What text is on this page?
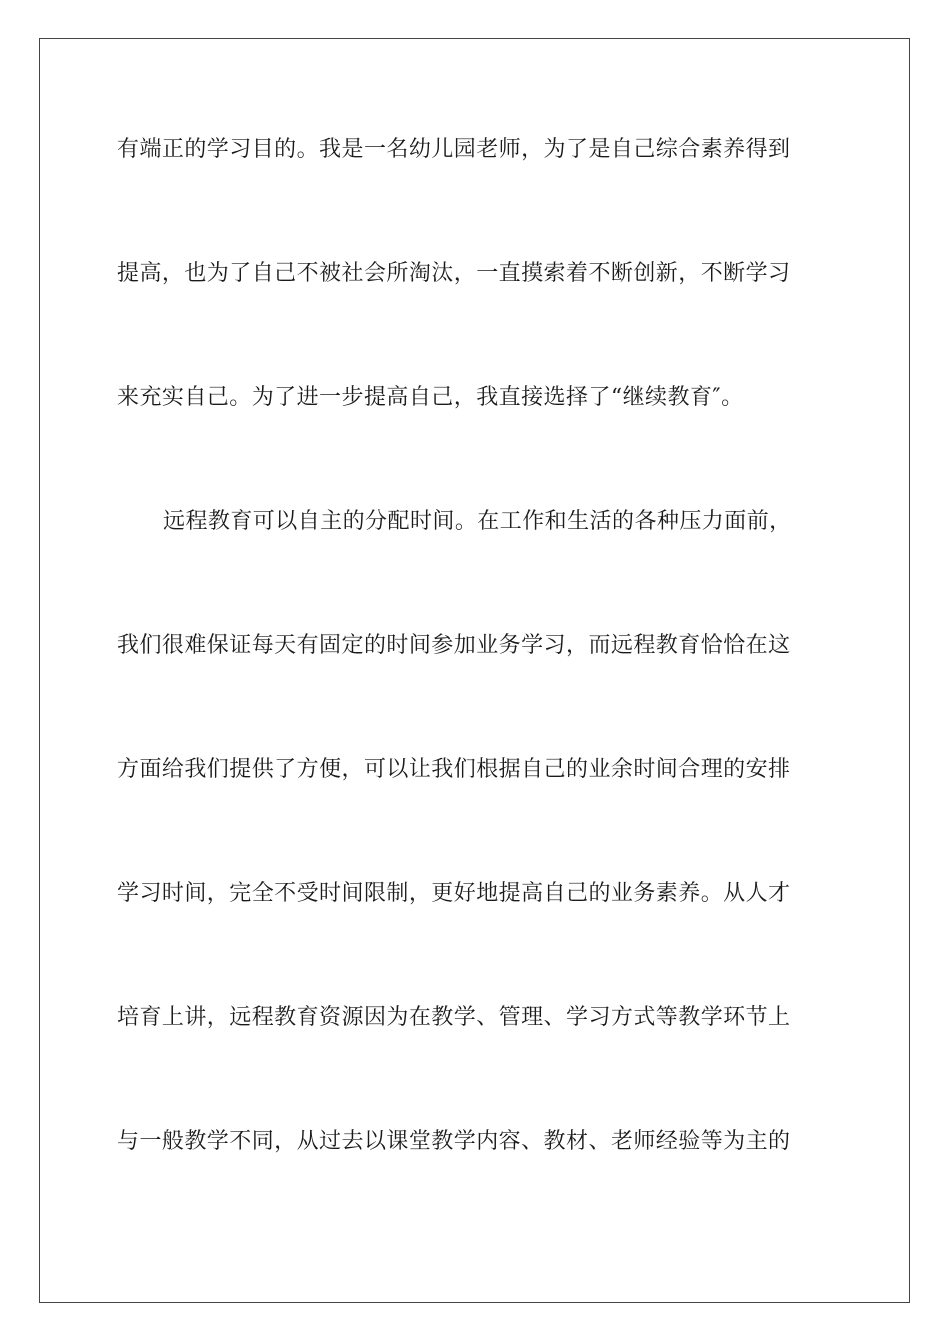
有端正的学习目的。我是一名幼儿园老师，为了是自己综合素养得到
提高，也为了自己不被社会所淘汰，一直摸索着不断创新，不断学习
来充实自己。为了进一步提高自己，我直接选择了“继续教育″。
远程教育可以自主的分配时间。在工作和生活的各种压力面前，
我们很难保证每天有固定的时间参加业务学习，而远程教育恰恰在这
方面给我们提供了方便，可以让我们根据自己的业余时间合理的安排
学习时间，完全不受时间限制，更好地提高自己的业务素养。从人才
培育上讲，远程教育资源因为在教学、管理、学习方式等教学环节上
与一般教学不同，从过去以课堂教学内容、教材、老师经验等为主的
